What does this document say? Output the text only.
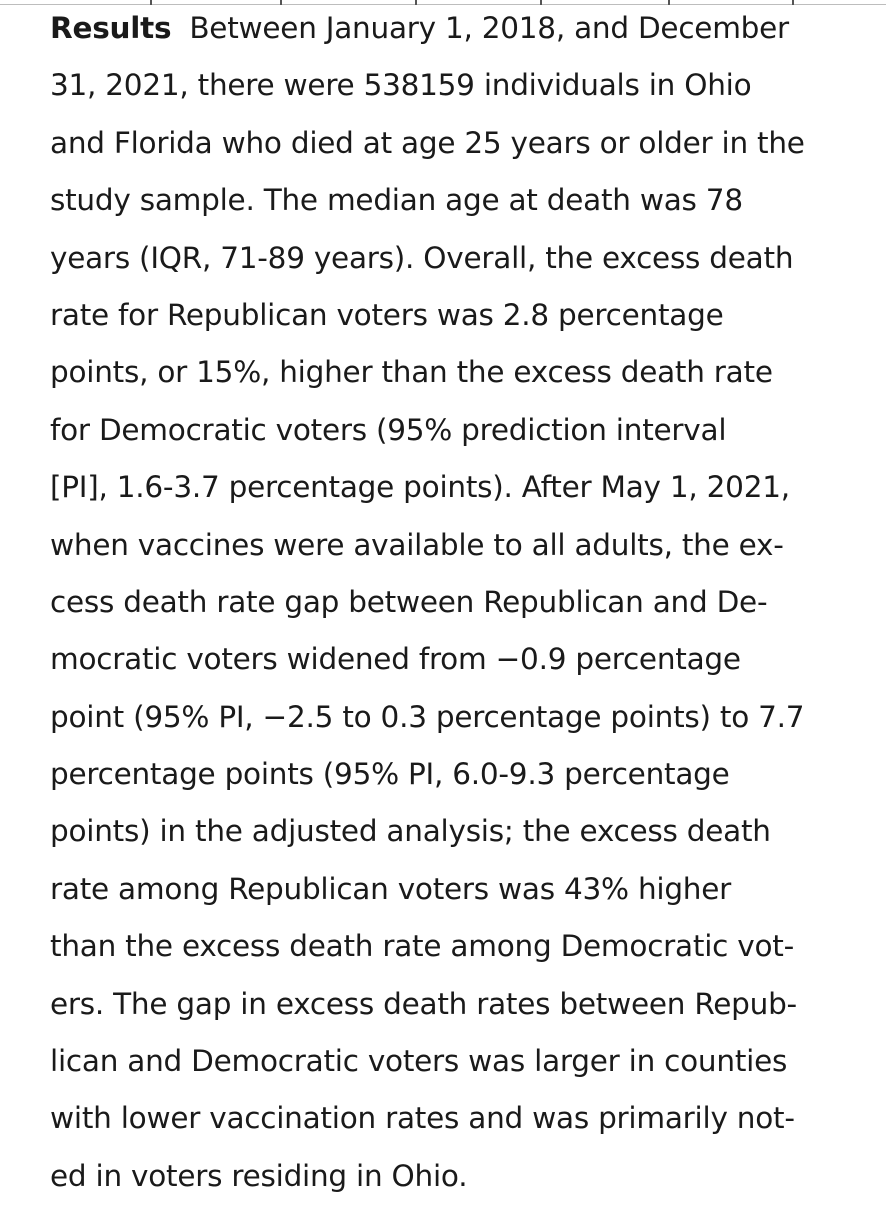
Results Between January 1, 2018, and December
31, 2021, there were 538159 individuals in Ohio
and Florida who died at age 25 years or older in the
study sample. The median age at death was 78
years (IQR, 71-89 years). Overall, the excess death
rate for Republican voters was 2.8 percentage
points, or 15%, higher than the excess death rate
for Democratic voters (95% prediction interval
[PI], 1.6-3.7 percentage points). After May 1, 2021,
when vaccines were available to all adults, the ex-
cess death rate gap between Republican and De-
mocratic voters widened from −0.9 percentage
point (95% PI, −2.5 to 0.3 percentage points) to 7.7
percentage points (95% PI, 6.0-9.3 percentage
points) in the adjusted analysis; the excess death
rate among Republican voters was 43% higher
than the excess death rate among Democratic vot-
ers. The gap in excess death rates between Repub-
lican and Democratic voters was larger in counties
with lower vaccination rates and was primarily not-
ed in voters residing in Ohio.
